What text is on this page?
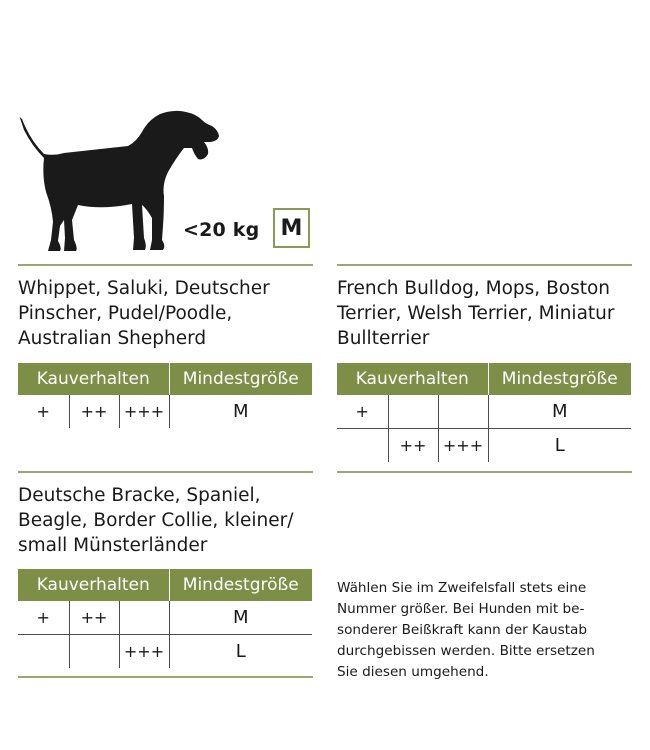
<20 kg M
Whippet, Saluki, Deutscher
Pinscher, Pudel/Poodle,
Australian Shepherd
Kauverhalten			Mindestgröße
+	++	+++	M
French Bulldog, Mops, Boston
Terrier, Welsh Terrier, Miniatur
Bullterrier
Kauverhalten			Mindestgröße
+			M
	++	+++	L
Deutsche Bracke, Spaniel,
Beagle, Border Collie, kleiner/
small Münsterländer
Kauverhalten			Mindestgröße
+	++		M
		+++	L
Wählen Sie im Zweifelsfall stets eine
Nummer größer. Bei Hunden mit be-
sonderer Beißkraft kann der Kaustab
durchgebissen werden. Bitte ersetzen
Sie diesen umgehend.
